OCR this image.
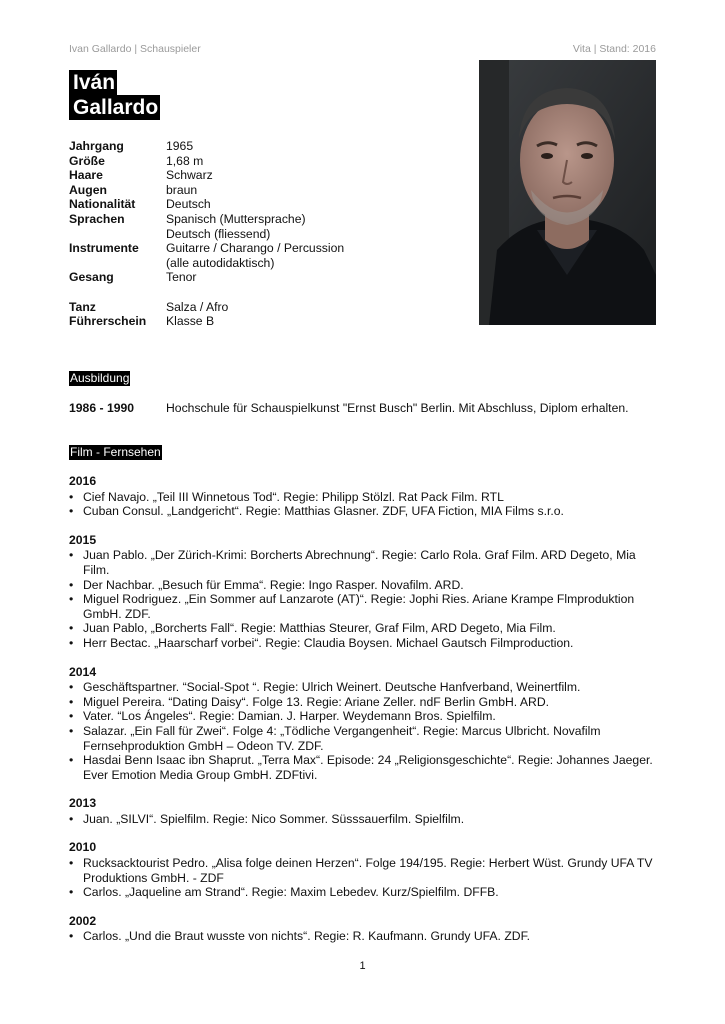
Ivan Gallardo | Schauspieler	Vita | Stand: 2016
Iván
Gallardo
Jahrgang	1965
Größe	1,68 m
Haare	Schwarz
Augen	braun
Nationalität	Deutsch
Sprachen	Spanisch (Muttersprache)
Deutsch (fliessend)
Instrumente	Guitarre / Charango / Percussion
(alle autodidaktisch)
Gesang	Tenor
Tanz	Salza / Afro
Führerschein	Klasse B
Ausbildung
1986 - 1990	Hochschule für Schauspielkunst "Ernst Busch" Berlin. Mit Abschluss, Diplom erhalten.
Film - Fernsehen
2016
• Cief Navajo. „Teil III Winnetous Tod“. Regie: Philipp Stölzl. Rat Pack Film. RTL
• Cuban Consul. „Landgericht“. Regie: Matthias Glasner. ZDF, UFA Fiction, MIA Films s.r.o.
2015
• Juan Pablo. „Der Zürich-Krimi: Borcherts Abrechnung“. Regie: Carlo Rola. Graf Film. ARD Degeto, Mia Film.
• Der Nachbar. „Besuch für Emma“. Regie: Ingo Rasper. Novafilm. ARD.
• Miguel Rodriguez. „Ein Sommer auf Lanzarote (AT)“. Regie: Jophi Ries. Ariane Krampe Flmproduktion GmbH. ZDF.
• Juan Pablo, „Borcherts Fall“. Regie: Matthias Steurer, Graf Film, ARD Degeto, Mia Film.
• Herr Bectac. „Haarscharf vorbei“. Regie: Claudia Boysen. Michael Gautsch Filmproduction.
2014
• Geschäftspartner. “Social-Spot “. Regie: Ulrich Weinert. Deutsche Hanfverband, Weinertfilm.
• Miguel Pereira. “Dating Daisy“. Folge 13. Regie: Ariane Zeller. ndF Berlin GmbH. ARD.
• Vater. “Los Ángeles“. Regie: Damian. J. Harper. Weydemann Bros. Spielfilm.
• Salazar. „Ein Fall für Zwei“. Folge 4: „Tödliche Vergangenheit“. Regie: Marcus Ulbricht. Novafilm Fernsehproduktion GmbH – Odeon TV. ZDF.
• Hasdai Benn Isaac ibn Shaprut. „Terra Max“. Episode: 24 „Religionsgeschichte“. Regie: Johannes Jaeger. Ever Emotion Media Group GmbH. ZDFtivi.
2013
• Juan. „SILVI“. Spielfilm. Regie: Nico Sommer. Süsssauerfilm. Spielfilm.
2010
• Rucksacktourist Pedro. „Alisa folge deinen Herzen“. Folge 194/195. Regie: Herbert Wüst. Grundy UFA TV Produktions GmbH. - ZDF
• Carlos. „Jaqueline am Strand“. Regie: Maxim Lebedev. Kurz/Spielfilm. DFFB.
2002
• Carlos. „Und die Braut wusste von nichts“. Regie: R. Kaufmann. Grundy UFA. ZDF.
1
